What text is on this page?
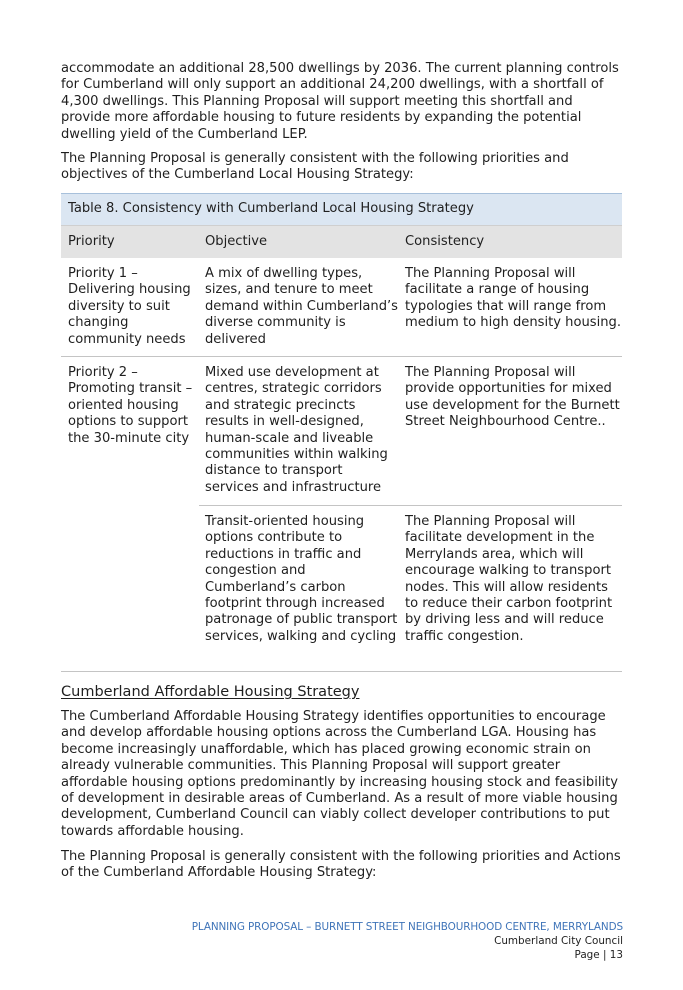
accommodate an additional 28,500 dwellings by 2036. The current planning controls for Cumberland will only support an additional 24,200 dwellings, with a shortfall of 4,300 dwellings. This Planning Proposal will support meeting this shortfall and provide more affordable housing to future residents by expanding the potential dwelling yield of the Cumberland LEP.
The Planning Proposal is generally consistent with the following priorities and objectives of the Cumberland Local Housing Strategy:
Table 8. Consistency with Cumberland Local Housing Strategy		
Priority	Objective	Consistency
Priority 1 – Delivering housing diversity to suit changing community needs	A mix of dwelling types, sizes, and tenure to meet demand within Cumberland’s diverse community is delivered	The Planning Proposal will facilitate a range of housing typologies that will range from medium to high density housing.
Priority 2 – Promoting transit – oriented housing options to support the 30-minute city	Mixed use development at centres, strategic corridors and strategic precincts results in well-designed, human-scale and liveable communities within walking distance to transport services and infrastructure	The Planning Proposal will provide opportunities for mixed use development for the Burnett Street Neighbourhood Centre..
	Transit-oriented housing options contribute to reductions in traffic and congestion and Cumberland’s carbon footprint through increased patronage of public transport services, walking and cycling	The Planning Proposal will facilitate development in the Merrylands area, which will encourage walking to transport nodes. This will allow residents to reduce their carbon footprint by driving less and will reduce traffic congestion.
Cumberland Affordable Housing Strategy
The Cumberland Affordable Housing Strategy identifies opportunities to encourage and develop affordable housing options across the Cumberland LGA. Housing has become increasingly unaffordable, which has placed growing economic strain on already vulnerable communities. This Planning Proposal will support greater affordable housing options predominantly by increasing housing stock and feasibility of development in desirable areas of Cumberland. As a result of more viable housing development, Cumberland Council can viably collect developer contributions to put towards affordable housing.
The Planning Proposal is generally consistent with the following priorities and Actions of the Cumberland Affordable Housing Strategy:
PLANNING PROPOSAL – BURNETT STREET NEIGHBOURHOOD CENTRE, MERRYLANDS
Cumberland City Council
Page | 13
